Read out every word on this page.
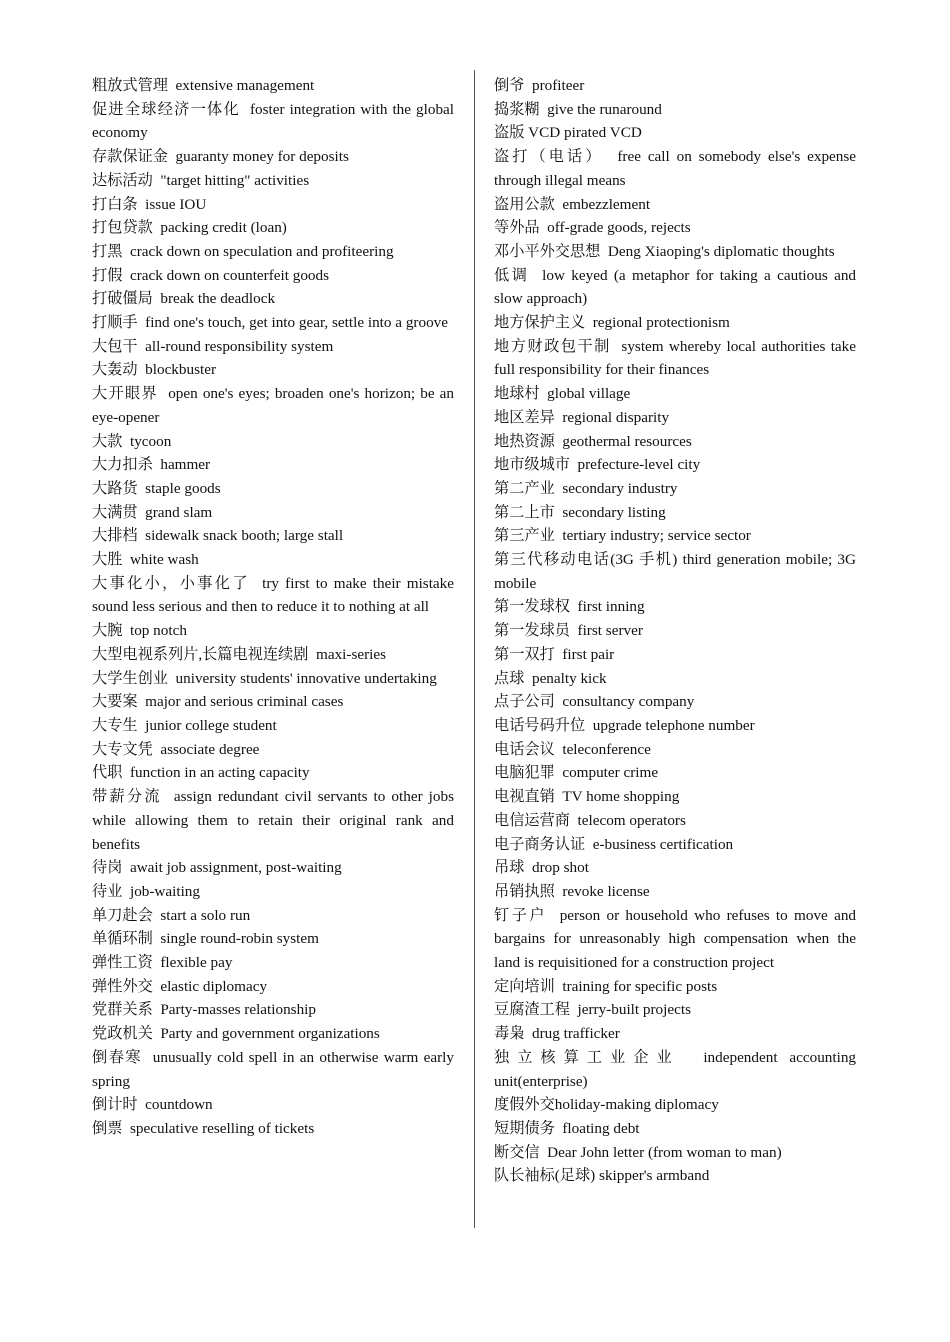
粗放式管理 extensive management

促进全球经济一体化 foster integration with the global economy

存款保证金 guaranty money for deposits

达标活动 "target hitting" activities

打白条 issue IOU

打包贷款 packing credit (loan)

打黑 crack down on speculation and profiteering

打假 crack down on counterfeit goods

打破僵局 break the deadlock

打顺手 find one's touch, get into gear, settle into a groove

大包干 all-round responsibility system

大轰动 blockbuster

大开眼界 open one's eyes; broaden one's horizon; be an eye-opener

大款 tycoon

大力扣杀 hammer

大路货 staple goods

大满贯 grand slam

大排档 sidewalk snack booth; large stall

大胜 white wash

大事化小，小事化了 try first to make their mistake sound less serious and then to reduce it to nothing at all

大腕 top notch

大型电视系列片,长篇电视连续剧 maxi-series

大学生创业 university students' innovative undertaking

大要案 major and serious criminal cases

大专生 junior college student

大专文凭 associate degree

代职 function in an acting capacity

带薪分流 assign redundant civil servants to other jobs while allowing them to retain their original rank and benefits

待岗 await job assignment, post-waiting

待业 job-waiting

单刀赴会 start a solo run

单循环制 single round-robin system

弹性工资 flexible pay

弹性外交 elastic diplomacy

党群关系 Party-masses relationship

党政机关 Party and government organizations

倒春寒 unusually cold spell in an otherwise warm early spring

倒计时 countdown

倒票 speculative reselling of tickets

倒爷 profiteer

捣浆糊 give the runaround

盗版 VCD pirated VCD

盗打（电话） free call on somebody else's expense through illegal means

盗用公款 embezzlement

等外品 off-grade goods, rejects

邓小平外交思想 Deng Xiaoping's diplomatic thoughts

低调 low keyed (a metaphor for taking a cautious and slow approach)

地方保护主义 regional protectionism

地方财政包干制 system whereby local authorities take full responsibility for their finances

地球村 global village

地区差异 regional disparity

地热资源 geothermal resources

地市级城市 prefecture-level city

第二产业 secondary industry

第二上市 secondary listing

第三产业 tertiary industry; service sector

第三代移动电话(3G 手机) third generation mobile; 3G mobile

第一发球权 first inning

第一发球员 first server

第一双打 first pair

点球 penalty kick

点子公司 consultancy company

电话号码升位 upgrade telephone number

电话会议 teleconference

电脑犯罪 computer crime

电视直销 TV home shopping

电信运营商 telecom operators

电子商务认证 e-business certification

吊球 drop shot

吊销执照 revoke license

钉子户 person or household who refuses to move and bargains for unreasonably high compensation when the land is requisitioned for a construction project

定向培训 training for specific posts

豆腐渣工程 jerry-built projects

毒枭 drug trafficker

独立核算工业企业 independent accounting unit(enterprise)

度假外交holiday-making diplomacy

短期债务 floating debt

断交信 Dear John letter (from woman to man)

队长袖标(足球) skipper's armband
